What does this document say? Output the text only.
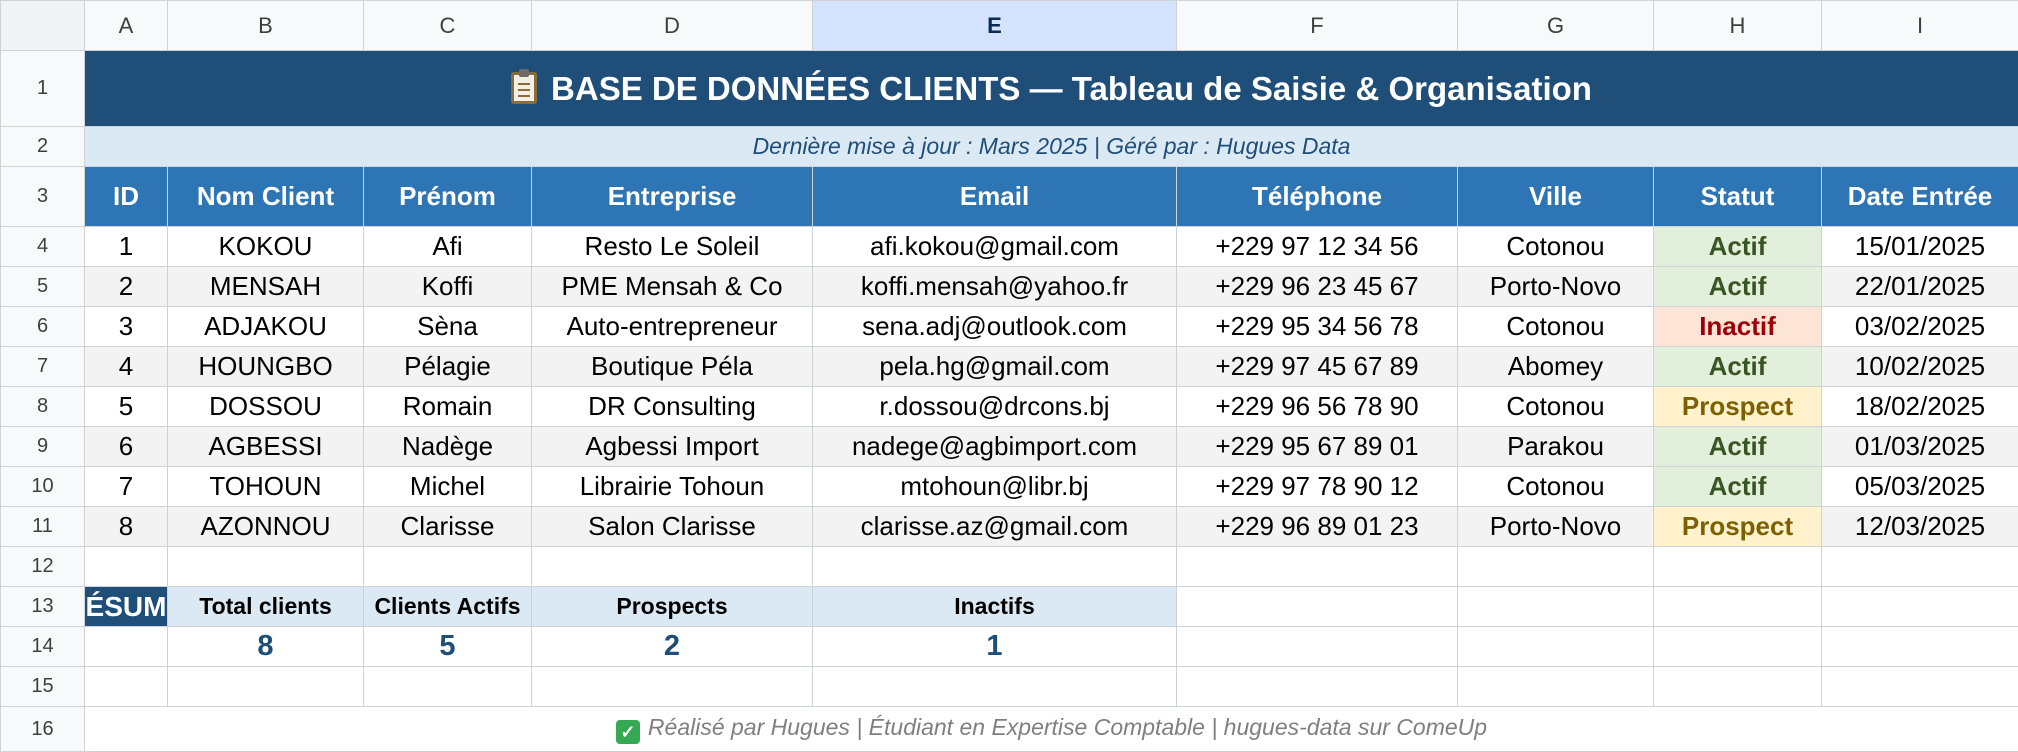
	A	B	C	D	E	F	G	H	I
1	BASE DE DONNÉES CLIENTS — Tableau de Saisie & Organisation								
2	Dernière mise à jour : Mars 2025 | Géré par : Hugues Data								
3	ID	Nom Client	Prénom	Entreprise	Email	Téléphone	Ville	Statut	Date Entrée
4	1	KOKOU	Afi	Resto Le Soleil	afi.kokou@gmail.com	+229 97 12 34 56	Cotonou	Actif	15/01/2025
5	2	MENSAH	Koffi	PME Mensah & Co	koffi.mensah@yahoo.fr	+229 96 23 45 67	Porto-Novo	Actif	22/01/2025
6	3	ADJAKOU	Sèna	Auto-entrepreneur	sena.adj@outlook.com	+229 95 34 56 78	Cotonou	Inactif	03/02/2025
7	4	HOUNGBO	Pélagie	Boutique Péla	pela.hg@gmail.com	+229 97 45 67 89	Abomey	Actif	10/02/2025
8	5	DOSSOU	Romain	DR Consulting	r.dossou@drcons.bj	+229 96 56 78 90	Cotonou	Prospect	18/02/2025
9	6	AGBESSI	Nadège	Agbessi Import	nadege@agbimport.com	+229 95 67 89 01	Parakou	Actif	01/03/2025
10	7	TOHOUN	Michel	Librairie Tohoun	mtohoun@libr.bj	+229 97 78 90 12	Cotonou	Actif	05/03/2025
11	8	AZONNOU	Clarisse	Salon Clarisse	clarisse.az@gmail.com	+229 96 89 01 23	Porto-Novo	Prospect	12/03/2025
12									
13	ÉSUM	Total clients	Clients Actifs	Prospects	Inactifs				
14		8	5	2	1				
15									
16	✓ Réalisé par Hugues | Étudiant en Expertise Comptable | hugues-data sur ComeUp								
